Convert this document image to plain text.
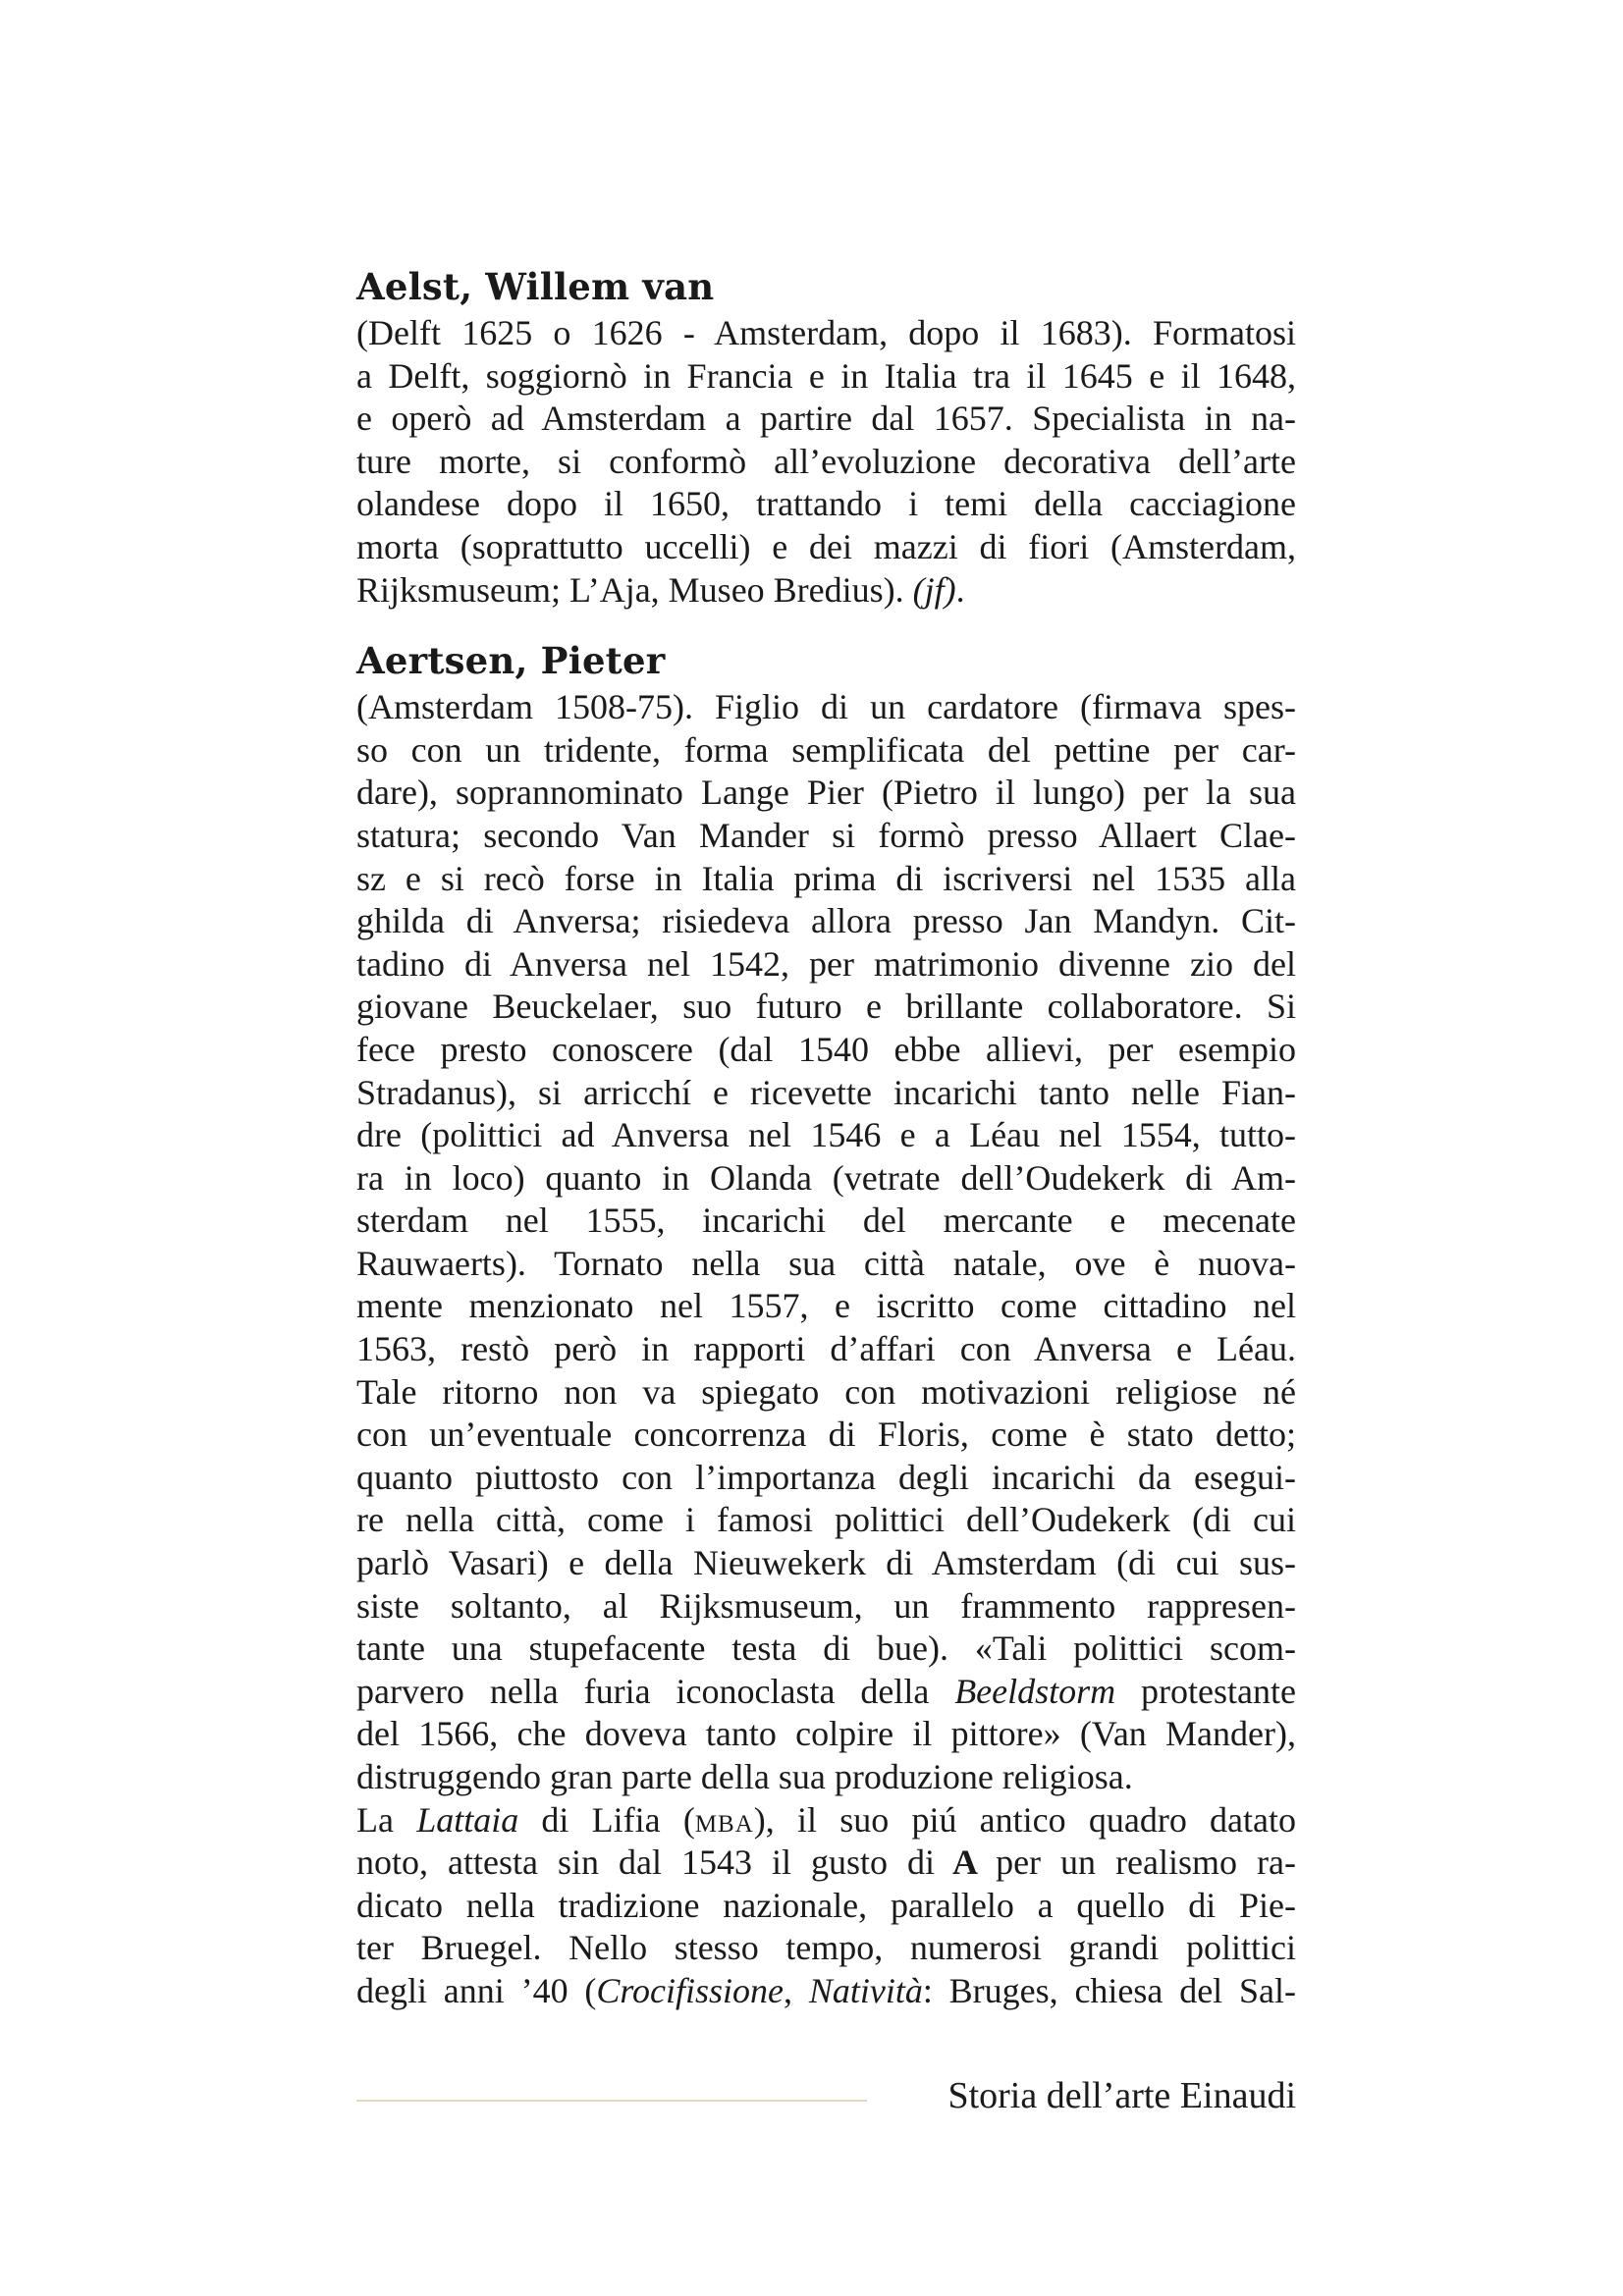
Aelst, Willem van
(Delft 1625 o 1626 - Amsterdam, dopo il 1683). Formatosi
a Delft, soggiornò in Francia e in Italia tra il 1645 e il 1648,
e operò ad Amsterdam a partire dal 1657. Specialista in na-
ture morte, si conformò all’evoluzione decorativa dell’arte
olandese dopo il 1650, trattando i temi della cacciagione
morta (soprattutto uccelli) e dei mazzi di fiori (Amsterdam,
Rijksmuseum; L’Aja, Museo Bredius). (jf).
Aertsen, Pieter
(Amsterdam 1508-75). Figlio di un cardatore (firmava spes-
so con un tridente, forma semplificata del pettine per car-
dare), soprannominato Lange Pier (Pietro il lungo) per la sua
statura; secondo Van Mander si formò presso Allaert Clae-
sz e si recò forse in Italia prima di iscriversi nel 1535 alla
ghilda di Anversa; risiedeva allora presso Jan Mandyn. Cit-
tadino di Anversa nel 1542, per matrimonio divenne zio del
giovane Beuckelaer, suo futuro e brillante collaboratore. Si
fece presto conoscere (dal 1540 ebbe allievi, per esempio
Stradanus), si arricchí e ricevette incarichi tanto nelle Fian-
dre (polittici ad Anversa nel 1546 e a Léau nel 1554, tutto-
ra in loco) quanto in Olanda (vetrate dell’Oudekerk di Am-
sterdam nel 1555, incarichi del mercante e mecenate
Rauwaerts). Tornato nella sua città natale, ove è nuova-
mente menzionato nel 1557, e iscritto come cittadino nel
1563, restò però in rapporti d’affari con Anversa e Léau.
Tale ritorno non va spiegato con motivazioni religiose né
con un’eventuale concorrenza di Floris, come è stato detto;
quanto piuttosto con l’importanza degli incarichi da esegui-
re nella città, come i famosi polittici dell’Oudekerk (di cui
parlò Vasari) e della Nieuwekerk di Amsterdam (di cui sus-
siste soltanto, al Rijksmuseum, un frammento rappresen-
tante una stupefacente testa di bue). «Tali polittici scom-
parvero nella furia iconoclasta della Beeldstorm protestante
del 1566, che doveva tanto colpire il pittore» (Van Mander),
distruggendo gran parte della sua produzione religiosa.
La Lattaia di Lifia (mba), il suo piú antico quadro datato
noto, attesta sin dal 1543 il gusto di A per un realismo ra-
dicato nella tradizione nazionale, parallelo a quello di Pie-
ter Bruegel. Nello stesso tempo, numerosi grandi polittici
degli anni ’40 (Crocifissione, Natività: Bruges, chiesa del Sal-
Storia dell’arte Einaudi
